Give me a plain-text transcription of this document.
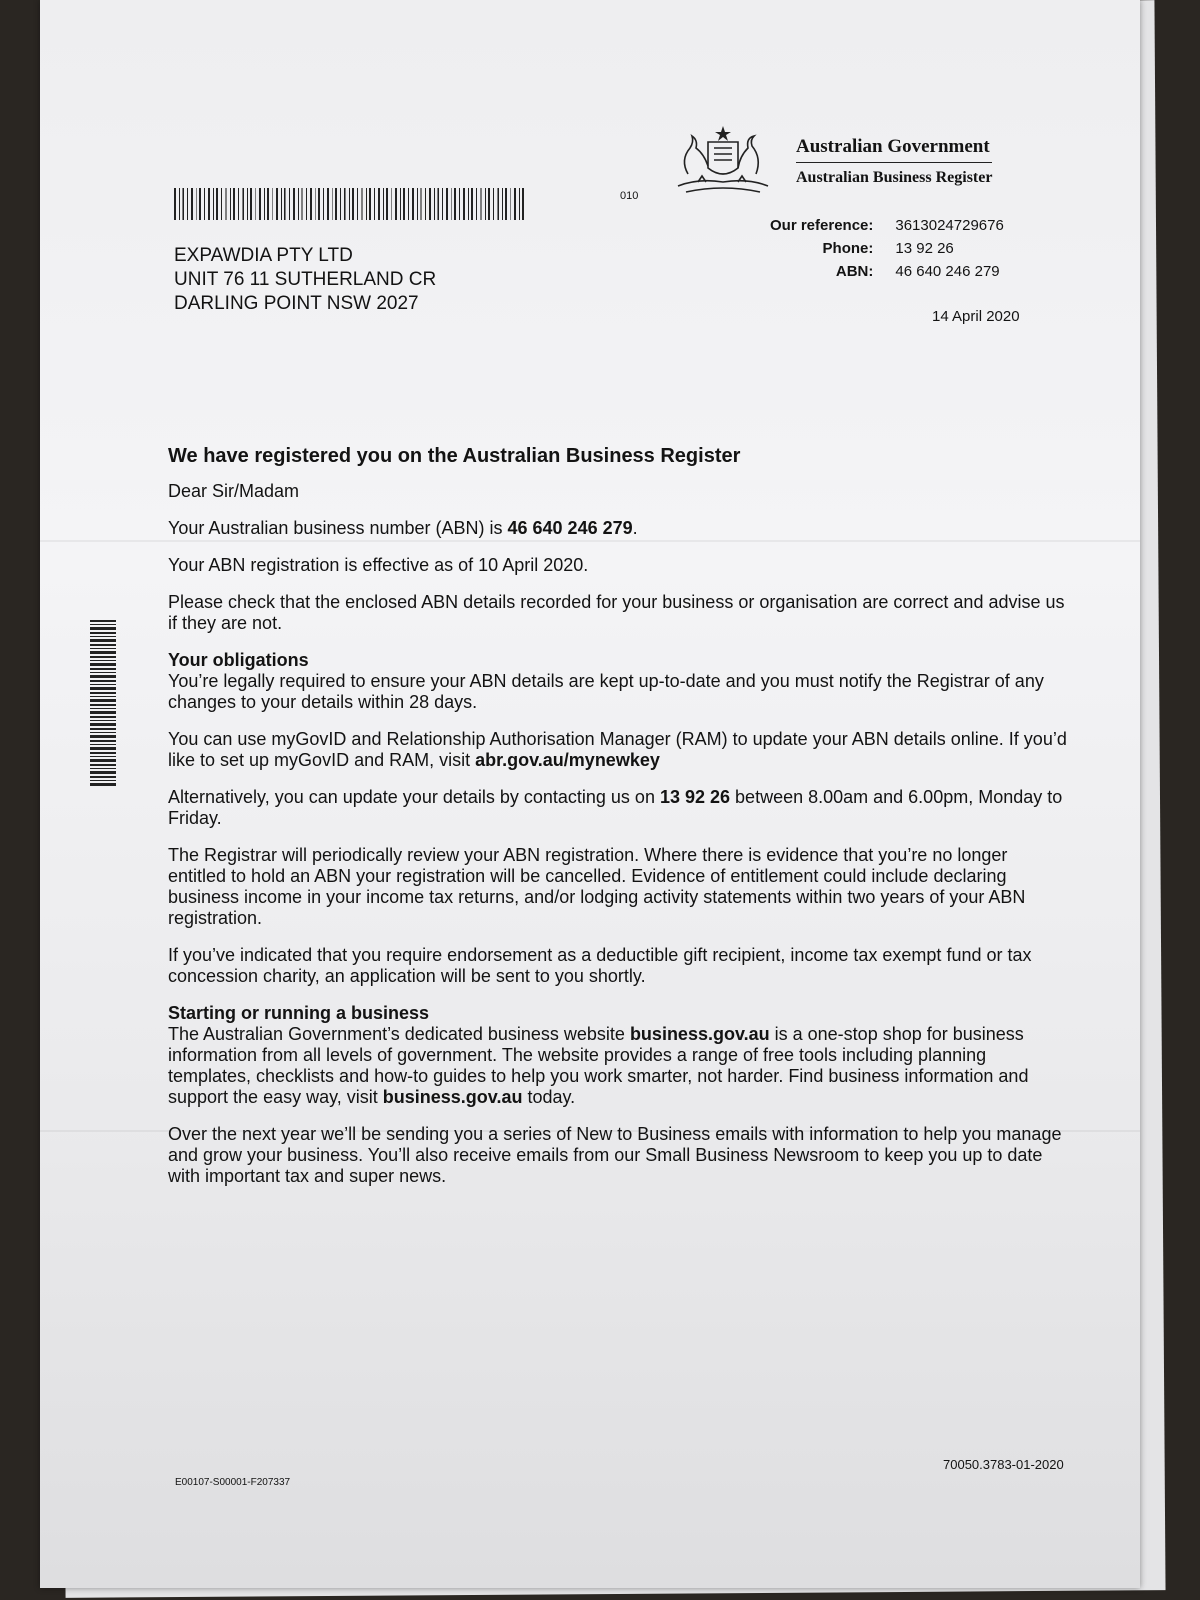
010
Australian Government
Australian Business Register
Our reference:	3613024729676
Phone:	13 92 26
ABN:	46 640 246 279
14 April 2020
EXPAWDIA PTY LTD
UNIT 76 11 SUTHERLAND CR
DARLING POINT NSW 2027
We have registered you on the Australian Business Register

Dear Sir/Madam

Your Australian business number (ABN) is 46 640 246 279.

Your ABN registration is effective as of 10 April 2020.

Please check that the enclosed ABN details recorded for your business or organisation are correct and advise us if they are not.

Your obligations
You’re legally required to ensure your ABN details are kept up-to-date and you must notify the Registrar of any changes to your details within 28 days.

You can use myGovID and Relationship Authorisation Manager (RAM) to update your ABN details online. If you’d like to set up myGovID and RAM, visit abr.gov.au/mynewkey

Alternatively, you can update your details by contacting us on 13 92 26 between 8.00am and 6.00pm, Monday to Friday.

The Registrar will periodically review your ABN registration. Where there is evidence that you’re no longer entitled to hold an ABN your registration will be cancelled. Evidence of entitlement could include declaring business income in your income tax returns, and/or lodging activity statements within two years of your ABN registration.

If you’ve indicated that you require endorsement as a deductible gift recipient, income tax exempt fund or tax concession charity, an application will be sent to you shortly.

Starting or running a business
The Australian Government’s dedicated business website business.gov.au is a one-stop shop for business information from all levels of government. The website provides a range of free tools including planning templates, checklists and how-to guides to help you work smarter, not harder. Find business information and support the easy way, visit business.gov.au today.

Over the next year we’ll be sending you a series of New to Business emails with information to help you manage and grow your business. You’ll also receive emails from our Small Business Newsroom to keep you up to date with important tax and super news.

E00107-S00001-F207337
70050.3783-01-2020
